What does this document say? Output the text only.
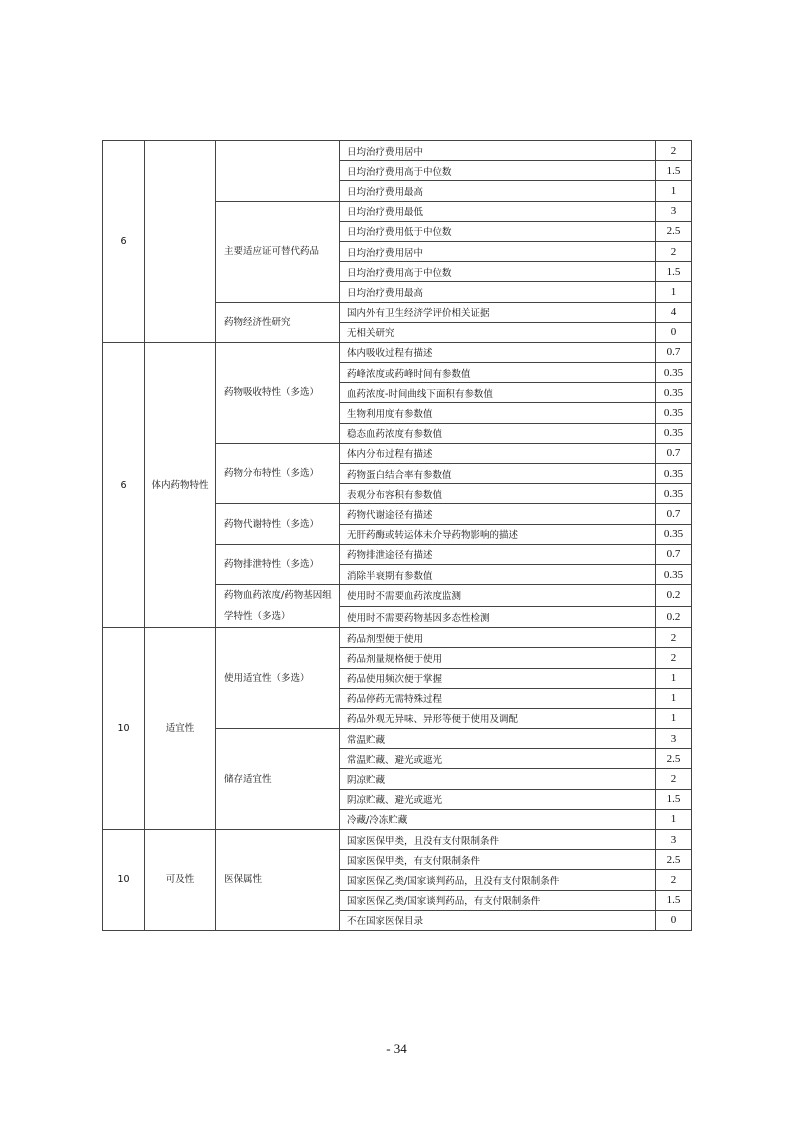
6			日均治疗费用居中	2
			日均治疗费用高于中位数	1.5
			日均治疗费用最高	1
		主要适应证可替代药品	日均治疗费用最低	3
			日均治疗费用低于中位数	2.5
			日均治疗费用居中	2
			日均治疗费用高于中位数	1.5
			日均治疗费用最高	1
		药物经济性研究	国内外有卫生经济学评价相关证据	4
			无相关研究	0
6	体内药物特性	药物吸收特性（多选）	体内吸收过程有描述	0.7
			药峰浓度或药峰时间有参数值	0.35
			血药浓度-时间曲线下面积有参数值	0.35
			生物利用度有参数值	0.35
			稳态血药浓度有参数值	0.35
		药物分布特性（多选）	体内分布过程有描述	0.7
			药物蛋白结合率有参数值	0.35
			表观分布容积有参数值	0.35
		药物代谢特性（多选）	药物代谢途径有描述	0.7
			无肝药酶或转运体未介导药物影响的描述	0.35
		药物排泄特性（多选）	药物排泄途径有描述	0.7
			消除半衰期有参数值	0.35
		药物血药浓度/药物基因组学特性（多选）	使用时不需要血药浓度监测	0.2
			使用时不需要药物基因多态性检测	0.2
10	适宜性	使用适宜性（多选）	药品剂型便于使用	2
			药品剂量规格便于使用	2
			药品使用频次便于掌握	1
			药品停药无需特殊过程	1
			药品外观无异味、异形等便于使用及调配	1
		储存适宜性	常温贮藏	3
			常温贮藏、避光或遮光	2.5
			阴凉贮藏	2
			阴凉贮藏、避光或遮光	1.5
			冷藏/冷冻贮藏	1
10	可及性	医保属性	国家医保甲类，且没有支付限制条件	3
			国家医保甲类，有支付限制条件	2.5
			国家医保乙类/国家谈判药品，且没有支付限制条件	2
			国家医保乙类/国家谈判药品，有支付限制条件	1.5
			不在国家医保目录	0
- 34
